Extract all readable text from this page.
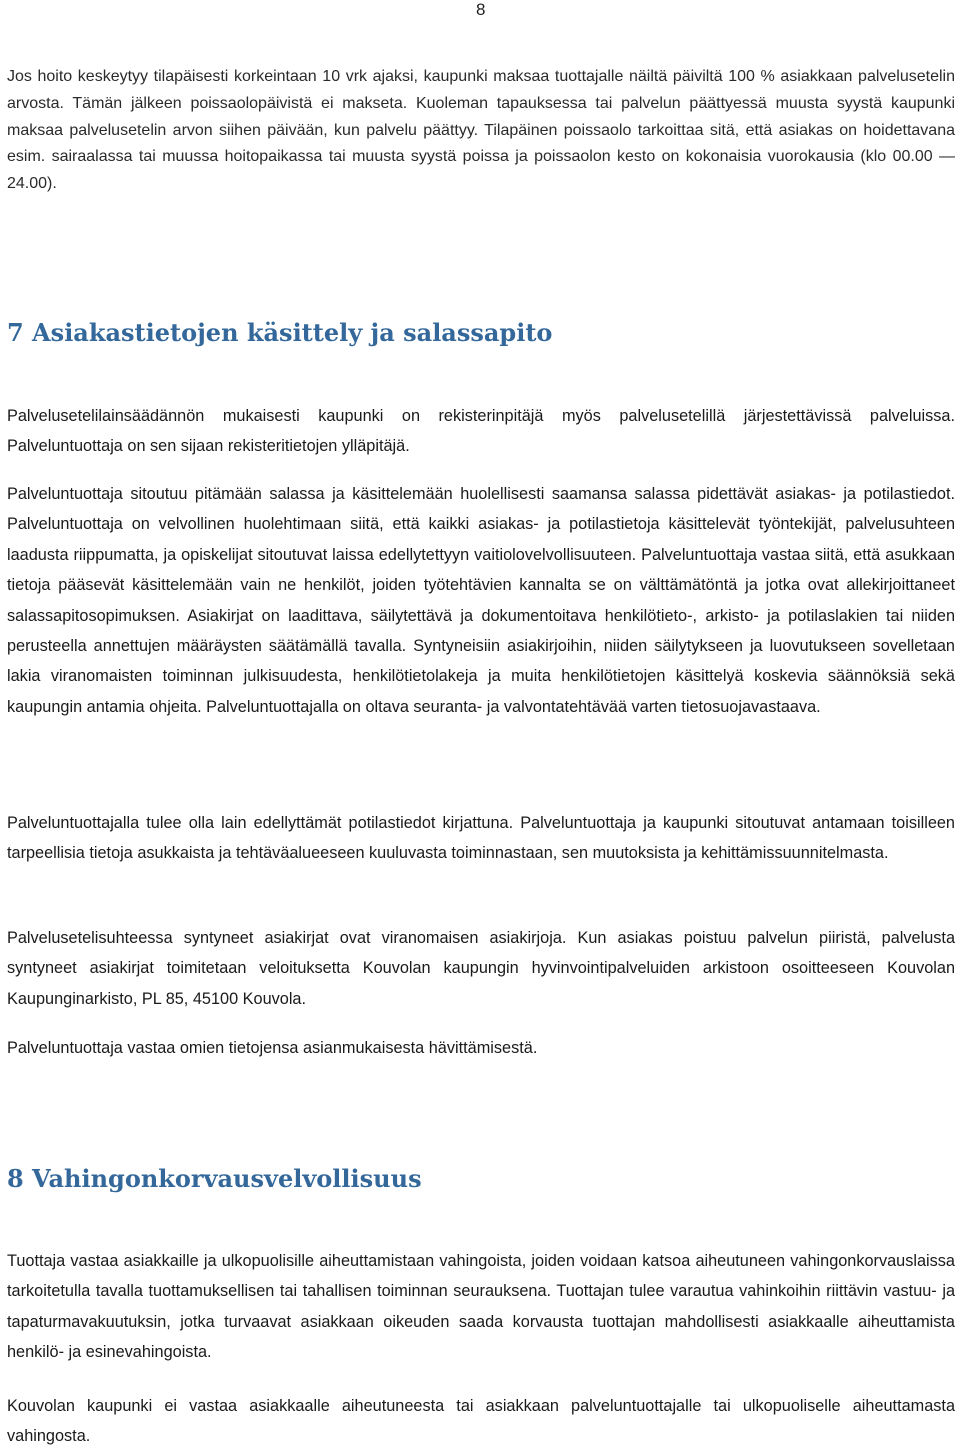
8

Jos hoito keskeytyy tilapäisesti korkeintaan 10 vrk ajaksi, kaupunki maksaa tuottajalle näiltä päiviltä 100 % asiakkaan palvelusetelin arvosta. Tämän jälkeen poissaolopäivistä ei makseta. Kuoleman tapauksessa tai palvelun päättyessä muusta syystä kaupunki maksaa palvelusetelin arvon siihen päivään, kun palvelu päättyy. Tilapäinen poissaolo tarkoittaa sitä, että asiakas on hoidettavana esim. sairaalassa tai muussa hoitopaikassa tai muusta syystä poissa ja poissaolon kesto on kokonaisia vuorokausia (klo 00.00 — 24.00).

7 Asiakastietojen käsittely ja salassapito

Palvelusetelilainsäädännön mukaisesti kaupunki on rekisterinpitäjä myös palvelusetelillä järjestettävissä palveluissa. Palveluntuottaja on sen sijaan rekisteritietojen ylläpitäjä.

Palveluntuottaja sitoutuu pitämään salassa ja käsittelemään huolellisesti saamansa salassa pidettävät asiakas- ja potilastiedot. Palveluntuottaja on velvollinen huolehtimaan siitä, että kaikki asiakas- ja potilastietoja käsittelevät työntekijät, palvelusuhteen laadusta riippumatta, ja opiskelijat sitoutuvat laissa edellytettyyn vaitiolovelvollisuuteen. Palveluntuottaja vastaa siitä, että asukkaan tietoja pääsevät käsittelemään vain ne henkilöt, joiden työtehtävien kannalta se on välttämätöntä ja jotka ovat allekirjoittaneet salassapitosopimuksen. Asiakirjat on laadittava, säilytettävä ja dokumentoitava henkilötieto-, arkisto- ja potilaslakien tai niiden perusteella annettujen määräysten säätämällä tavalla. Syntyneisiin asiakirjoihin, niiden säilytykseen ja luovutukseen sovelletaan lakia viranomaisten toiminnan julkisuudesta, henkilötietolakeja ja muita henkilötietojen käsittelyä koskevia säännöksiä sekä kaupungin antamia ohjeita. Palveluntuottajalla on oltava seuranta- ja valvontatehtävää varten tietosuojavastaava.

Palveluntuottajalla tulee olla lain edellyttämät potilastiedot kirjattuna. Palveluntuottaja ja kaupunki sitoutuvat antamaan toisilleen tarpeellisia tietoja asukkaista ja tehtäväalueeseen kuuluvasta toiminnastaan, sen muutoksista ja kehittämissuunnitelmasta.

Palvelusetelisuhteessa syntyneet asiakirjat ovat viranomaisen asiakirjoja. Kun asiakas poistuu palvelun piiristä, palvelusta syntyneet asiakirjat toimitetaan veloituksetta Kouvolan kaupungin hyvinvointipalveluiden arkistoon osoitteeseen Kouvolan Kaupunginarkisto, PL 85, 45100 Kouvola.

Palveluntuottaja vastaa omien tietojensa asianmukaisesta hävittämisestä.

8 Vahingonkorvausvelvollisuus

Tuottaja vastaa asiakkaille ja ulkopuolisille aiheuttamistaan vahingoista, joiden voidaan katsoa aiheutuneen vahingonkorvauslaissa tarkoitetulla tavalla tuottamuksellisen tai tahallisen toiminnan seurauksena. Tuottajan tulee varautua vahinkoihin riittävin vastuu- ja tapaturmavakuutuksin, jotka turvaavat asiakkaan oikeuden saada korvausta tuottajan mahdollisesti asiakkaalle aiheuttamista henkilö- ja esinevahingoista.

Kouvolan kaupunki ei vastaa asiakkaalle aiheutuneesta tai asiakkaan palveluntuottajalle tai ulkopuoliselle aiheuttamasta vahingosta.
